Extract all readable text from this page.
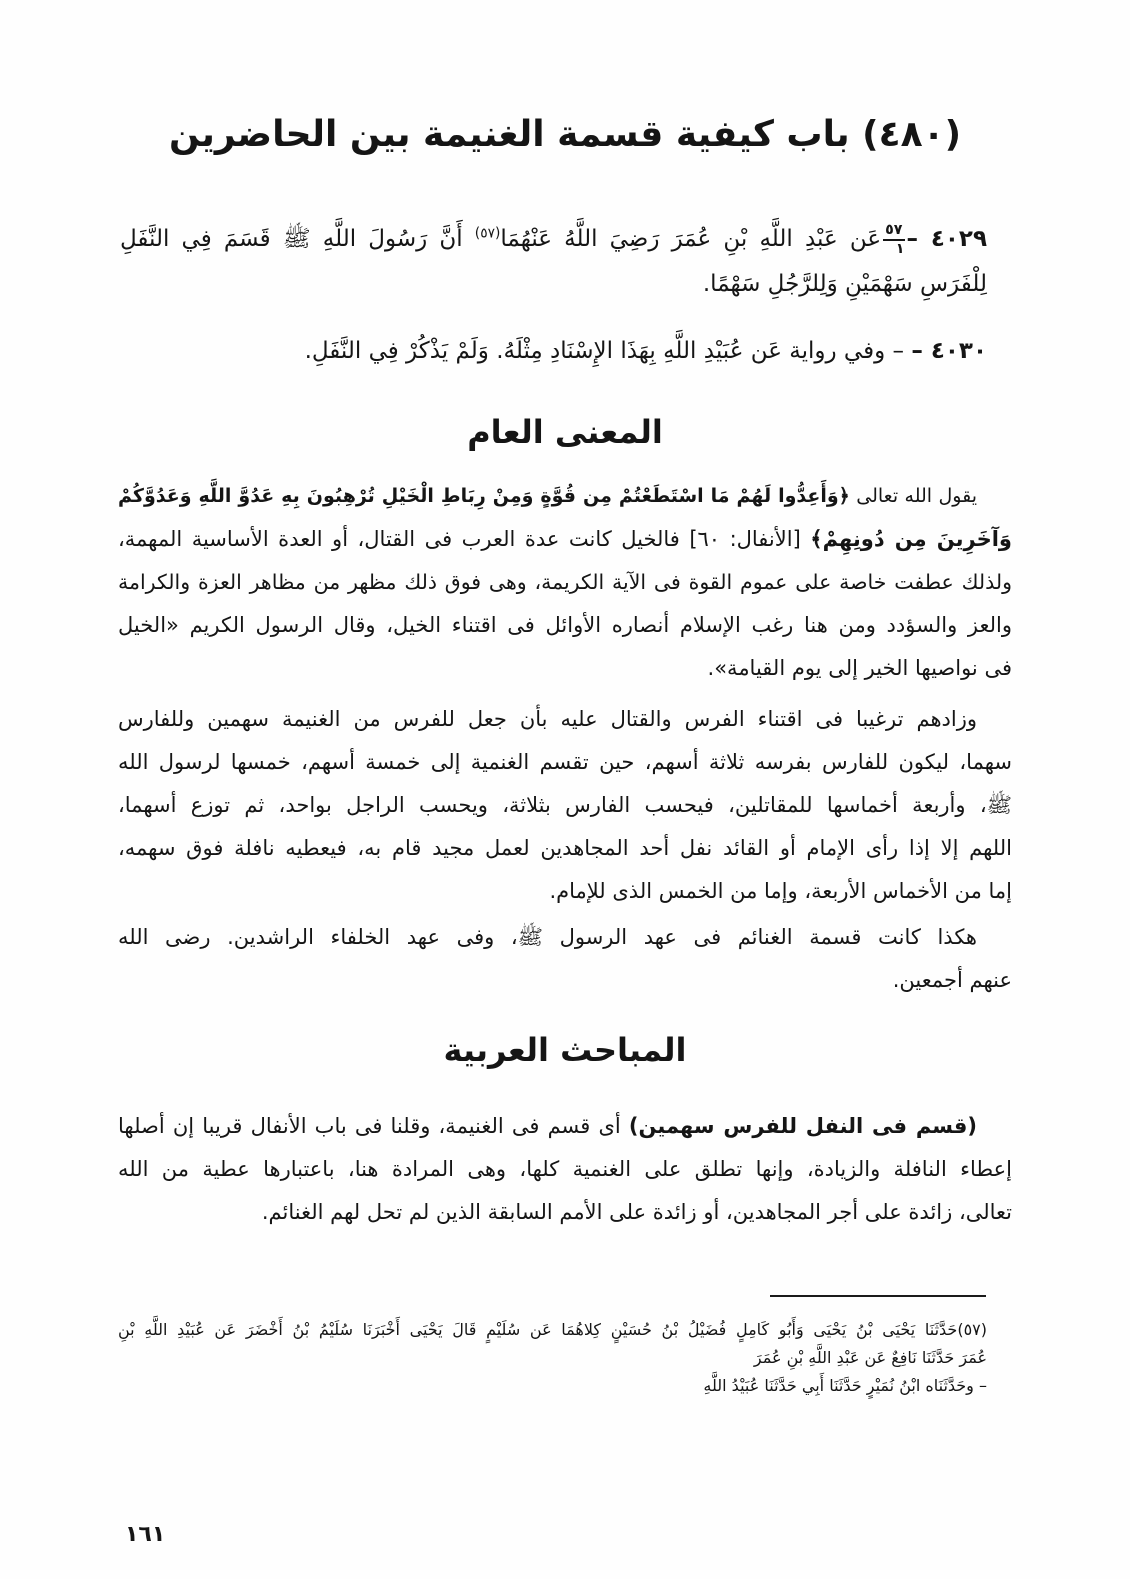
(٤٨٠) باب كيفية قسمة الغنيمة بين الحاضرين
٤٠٢٩ –
$\frac{٥٧}{١}$
عَن عَبْدِ اللَّهِ بْنِ عُمَرَ رَضِيَ اللَّهُ عَنْهُمَا$^{(٥٧)}$ أَنَّ رَسُولَ اللَّهِ ﷺ قَسَمَ فِي النَّفَلِ
لِلْفَرَسِ سَهْمَيْنِ وَلِلرَّجُلِ سَهْمًا.
٤٠٣٠ – – وفي رواية عَن عُبَيْدِ اللَّهِ بِهَذَا الإِسْنَادِ مِثْلَهُ. وَلَمْ يَذْكُرْ فِي النَّفَلِ.
المعنى العام
يقول الله تعالى ﴿وَأَعِدُّوا لَهُمْ مَا اسْتَطَعْتُمْ مِن قُوَّةٍ وَمِنْ رِبَاطِ الْخَيْلِ تُرْهِبُونَ بِهِ عَدُوَّ اللَّهِ وَعَدُوَّكُمْ
وَآخَرِينَ مِن دُونِهِمْ﴾ [الأنفال: ٦٠] فالخيل كانت عدة العرب فى القتال، أو العدة الأساسية المهمة،
ولذلك عطفت خاصة على عموم القوة فى الآية الكريمة، وهى فوق ذلك مظهر من مظاهر العزة والكرامة
والعز والسؤدد ومن هنا رغب الإسلام أنصاره الأوائل فى اقتناء الخيل، وقال الرسول الكريم «الخيل
فى نواصيها الخير إلى يوم القيامة».
وزادهم ترغيبا فى اقتناء الفرس والقتال عليه بأن جعل للفرس من الغنيمة سهمين وللفارس
سهما، ليكون للفارس بفرسه ثلاثة أسهم، حين تقسم الغنمية إلى خمسة أسهم، خمسها لرسول الله
ﷺ، وأربعة أخماسها للمقاتلين، فيحسب الفارس بثلاثة، ويحسب الراجل بواحد، ثم توزع أسهما،
اللهم إلا إذا رأى الإمام أو القائد نفل أحد المجاهدين لعمل مجيد قام به، فيعطيه نافلة فوق سهمه،
إما من الأخماس الأربعة، وإما من الخمس الذى للإمام.
هكذا كانت قسمة الغنائم فى عهد الرسول ﷺ، وفى عهد الخلفاء الراشدين. رضى الله
عنهم أجمعين.
المباحث العربية
(قسم فى النفل للفرس سهمين) أى قسم فى الغنيمة، وقلنا فى باب الأنفال قريبا إن أصلها
إعطاء النافلة والزيادة، وإنها تطلق على الغنمية كلها، وهى المرادة هنا، باعتبارها عطية من الله
تعالى، زائدة على أجر المجاهدين، أو زائدة على الأمم السابقة الذين لم تحل لهم الغنائم.
(٥٧)حَدَّثَنَا يَحْيَى بْنُ يَحْيَى وَأَبُو كَامِلٍ فُضَيْلُ بْنُ حُسَيْنٍ كِلاهُمَا عَن سُلَيْمٍ قَالَ يَحْيَى أَخْبَرَنَا سُلَيْمُ بْنُ أَخْضَرَ عَن عُبَيْدِ اللَّهِ بْنِ
عُمَرَ حَدَّثَنَا نَافِعٌ عَن عَبْدِ اللَّهِ بْنِ عُمَرَ
– وحَدَّثَنَاه ابْنُ نُمَيْرٍ حَدَّثَنَا أَبِي حَدَّثَنَا عُبَيْدُ اللَّهِ
١٦١
